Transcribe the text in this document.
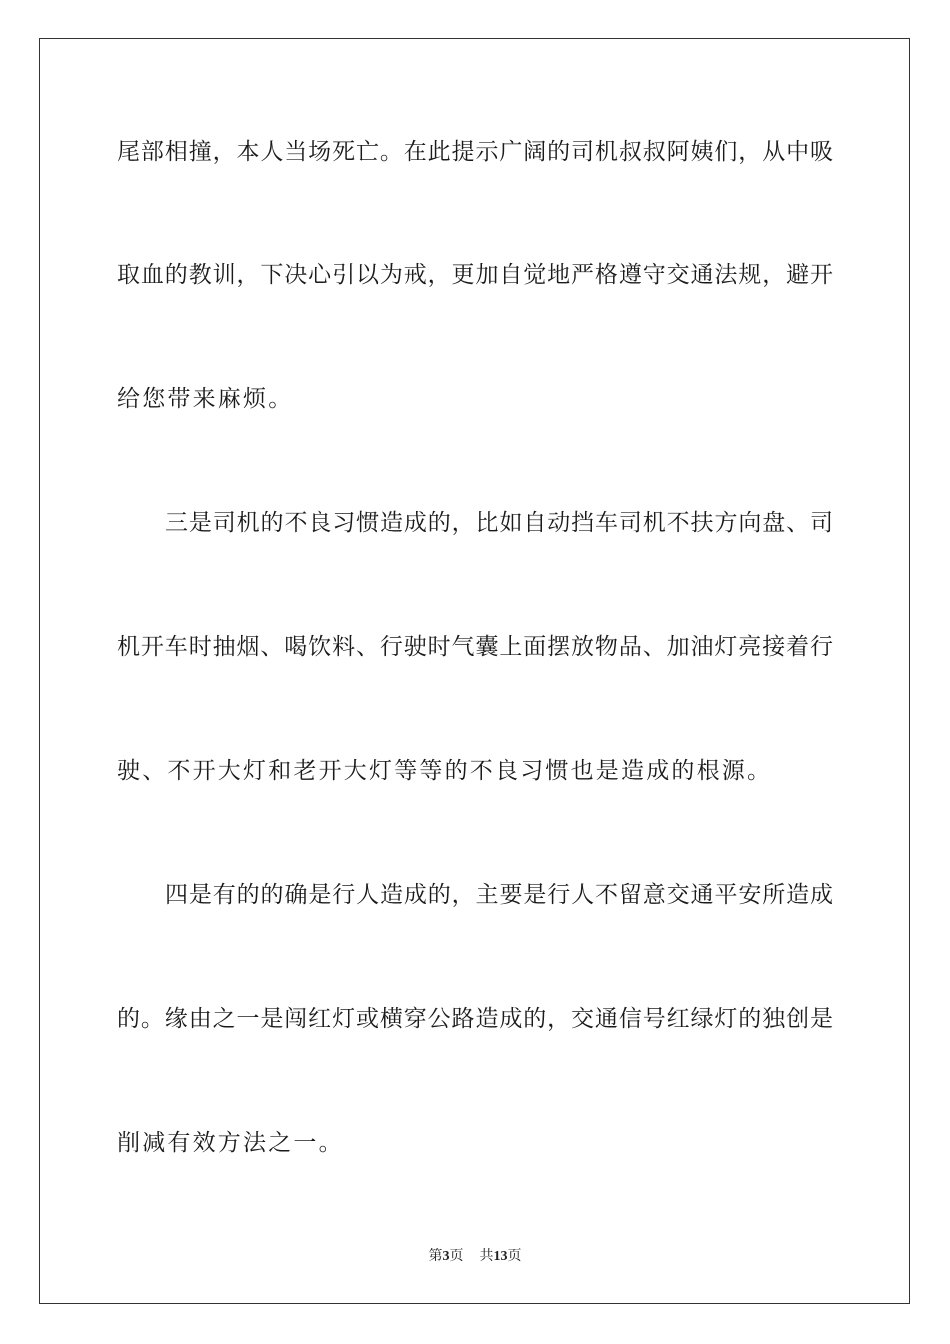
尾部相撞，本人当场死亡。在此提示广阔的司机叔叔阿姨们，从中吸
取血的教训，下决心引以为戒，更加自觉地严格遵守交通法规，避开
给您带来麻烦。
三是司机的不良习惯造成的，比如自动挡车司机不扶方向盘、司
机开车时抽烟、喝饮料、行驶时气囊上面摆放物品、加油灯亮接着行
驶、不开大灯和老开大灯等等的不良习惯也是造成的根源。
四是有的的确是行人造成的，主要是行人不留意交通平安所造成
的。缘由之一是闯红灯或横穿公路造成的，交通信号红绿灯的独创是
削减有效方法之一。
第3页 共13页
